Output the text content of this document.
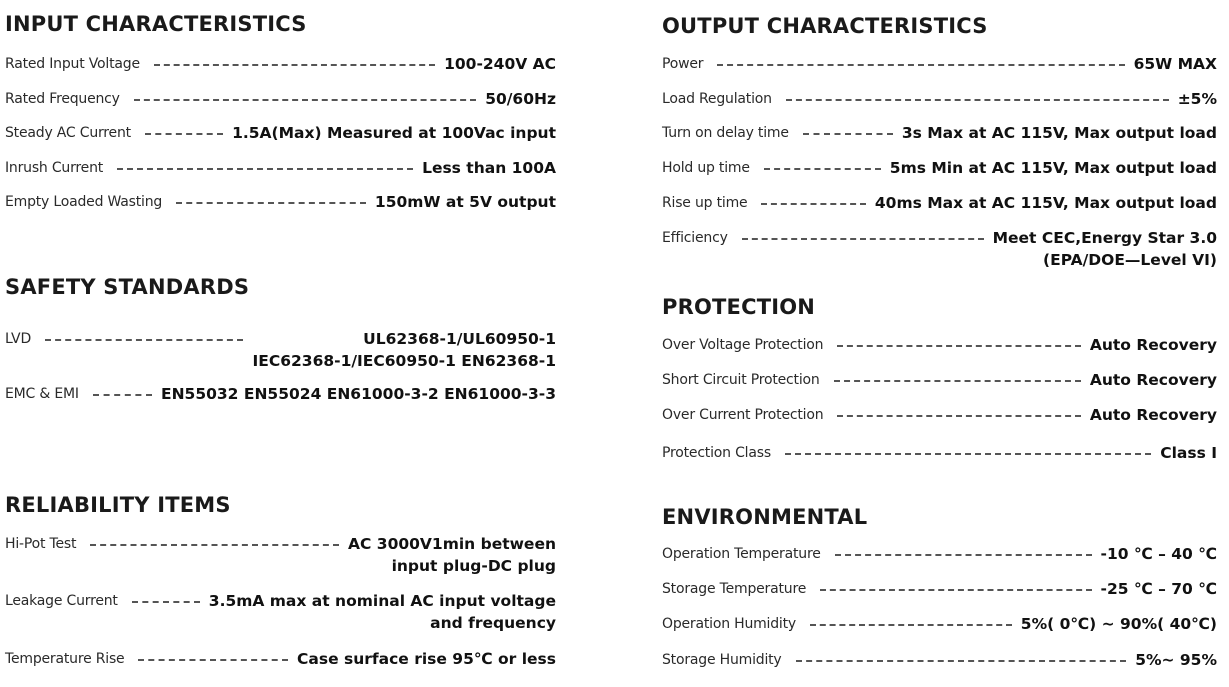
INPUT CHARACTERISTICS
Rated Input Voltage	100-240V AC
Rated Frequency	50/60Hz
Steady AC Current	1.5A(Max) Measured at 100Vac input
Inrush Current	Less than 100A
Empty Loaded Wasting	150mW at 5V output
SAFETY STANDARDS
LVD	UL62368-1/UL60950-1
IEC62368-1/IEC60950-1 EN62368-1
EMC & EMI	EN55032 EN55024 EN61000-3-2 EN61000-3-3
RELIABILITY ITEMS
Hi-Pot Test	AC 3000V1min between
input plug-DC plug
Leakage Current	3.5mA max at nominal AC input voltage
and frequency
Temperature Rise	Case surface rise 95℃ or less
OUTPUT CHARACTERISTICS
Power	65W MAX
Load Regulation	±5%
Turn on delay time	3s Max at AC 115V, Max output load
Hold up time	5ms Min at AC 115V, Max output load
Rise up time	40ms Max at AC 115V, Max output load
Efficiency	Meet CEC,Energy Star 3.0
(EPA/DOE—Level VI)
PROTECTION
Over Voltage Protection	Auto Recovery
Short Circuit Protection	Auto Recovery
Over Current Protection	Auto Recovery
Protection Class	Class I
ENVIRONMENTAL
Operation Temperature	-10 ℃ – 40 ℃
Storage Temperature	-25 ℃ – 70 ℃
Operation Humidity	5%( 0℃) ~ 90%( 40℃)
Storage Humidity	5%~ 95%
